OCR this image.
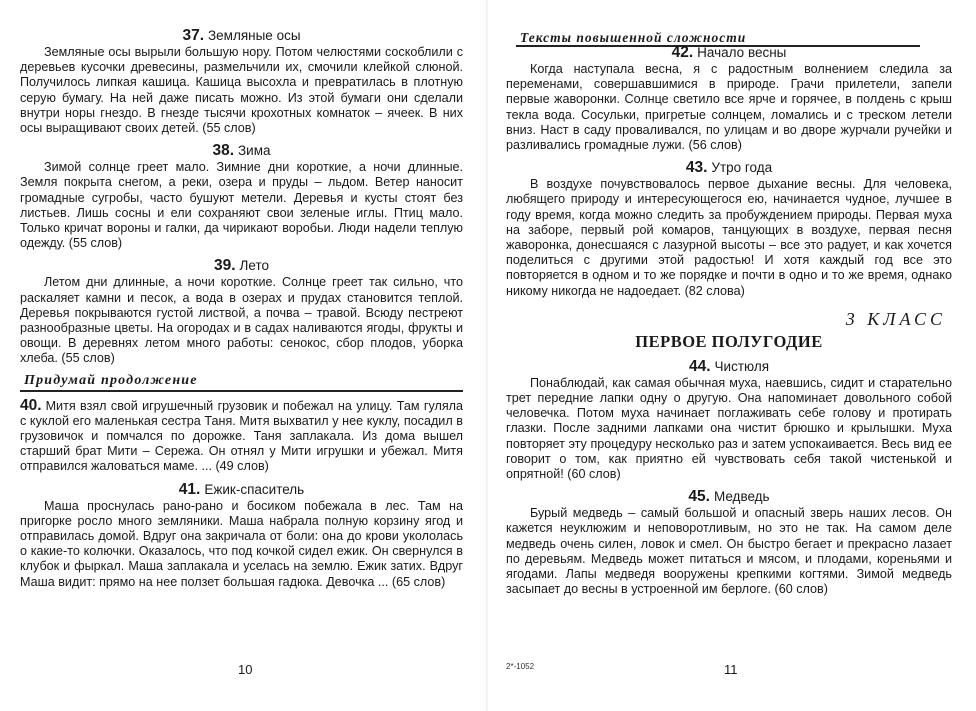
37. Земляные осы

Земляные осы вырыли большую нору. Потом челюстями соскоблили с деревьев кусочки древесины, размельчили их, смочили клейкой слюной. Получилось липкая кашица. Кашица высохла и превратилась в плотную серую бумагу. На ней даже писать можно. Из этой бумаги они сделали внутри норы гнездо. В гнезде тысячи крохотных комнаток – ячеек. В них осы выращивают своих детей. (55 слов)

38. Зима

Зимой солнце греет мало. Зимние дни короткие, а ночи длинные. Земля покрыта снегом, а реки, озера и пруды – льдом. Ветер наносит громадные сугробы, часто бушуют метели. Деревья и кусты стоят без листьев. Лишь сосны и ели сохраняют свои зеленые иглы. Птиц мало. Только кричат вороны и галки, да чирикают воробьи. Люди надели теплую одежду. (55 слов)

39. Лето

Летом дни длинные, а ночи короткие. Солнце греет так сильно, что раскаляет камни и песок, а вода в озерах и прудах становится теплой. Деревья покрываются густой листвой, а почва – травой. Всюду пестреют разнообразные цветы. На огородах и в садах наливаются ягоды, фрукты и овощи. В деревнях летом много работы: сенокос, сбор плодов, уборка хлеба. (55 слов)

Придумай продолжение

40. Митя взял свой игрушечный грузовик и побежал на улицу. Там гуляла с куклой его маленькая сестра Таня. Митя выхватил у нее куклу, посадил в грузовичок и помчался по дорожке. Таня заплакала. Из дома вышел старший брат Мити – Сережа. Он отнял у Мити игрушки и убежал. Митя отправился жаловаться маме. ... (49 слов)

41. Ежик-спаситель

Маша проснулась рано-рано и босиком побежала в лес. Там на пригорке росло много земляники. Маша набрала полную корзину ягод и отправилась домой. Вдруг она закричала от боли: она до крови укололась о какие-то колючки. Оказалось, что под кочкой сидел ежик. Он свернулся в клубок и фыркал. Маша заплакала и уселась на землю. Ежик затих. Вдруг Маша видит: прямо на нее ползет большая гадюка. Девочка ... (65 слов)

10
Тексты повышенной сложности
42. Начало весны

Когда наступала весна, я с радостным волнением следила за переменами, совершавшимися в природе. Грачи прилетели, запели первые жаворонки. Солнце светило все ярче и горячее, в полдень с крыш текла вода. Сосульки, пригретые солнцем, ломались и с треском летели вниз. Наст в саду проваливался, по улицам и во дворе журчали ручейки и разливались громадные лужи. (56 слов)

43. Утро года

В воздухе почувствовалось первое дыхание весны. Для человека, любящего природу и интересующегося ею, начинается чудное, лучшее в году время, когда можно следить за пробуждением природы. Первая муха на заборе, первый рой комаров, танцующих в воздухе, первая песня жаворонка, донесшаяся с лазурной высоты – все это радует, и как хочется поделиться с другими этой радостью! И хотя каждый год все это повторяется в одном и то же порядке и почти в одно и то же время, однако никому никогда не надоедает. (82 слова)

3 КЛАСС
ПЕРВОЕ ПОЛУГОДИЕ
44. Чистюля

Понаблюдай, как самая обычная муха, наевшись, сидит и старательно трет передние лапки одну о другую. Она напоминает довольного собой человечка. Потом муха начинает поглаживать себе голову и протирать глазки. После задними лапками она чистит брюшко и крылышки. Муха повторяет эту процедуру несколько раз и затем успокаивается. Весь вид ее говорит о том, как приятно ей чувствовать себя такой чистенькой и опрятной! (60 слов)

45. Медведь

Бурый медведь – самый большой и опасный зверь наших лесов. Он кажется неуклюжим и неповоротливым, но это не так. На самом деле медведь очень силен, ловок и смел. Он быстро бегает и прекрасно лазает по деревьям. Медведь может питаться и мясом, и плодами, кореньями и ягодами. Лапы медведя вооружены крепкими когтями. Зимой медведь засыпает до весны в устроенной им берлоге. (60 слов)

2*-1052	11
